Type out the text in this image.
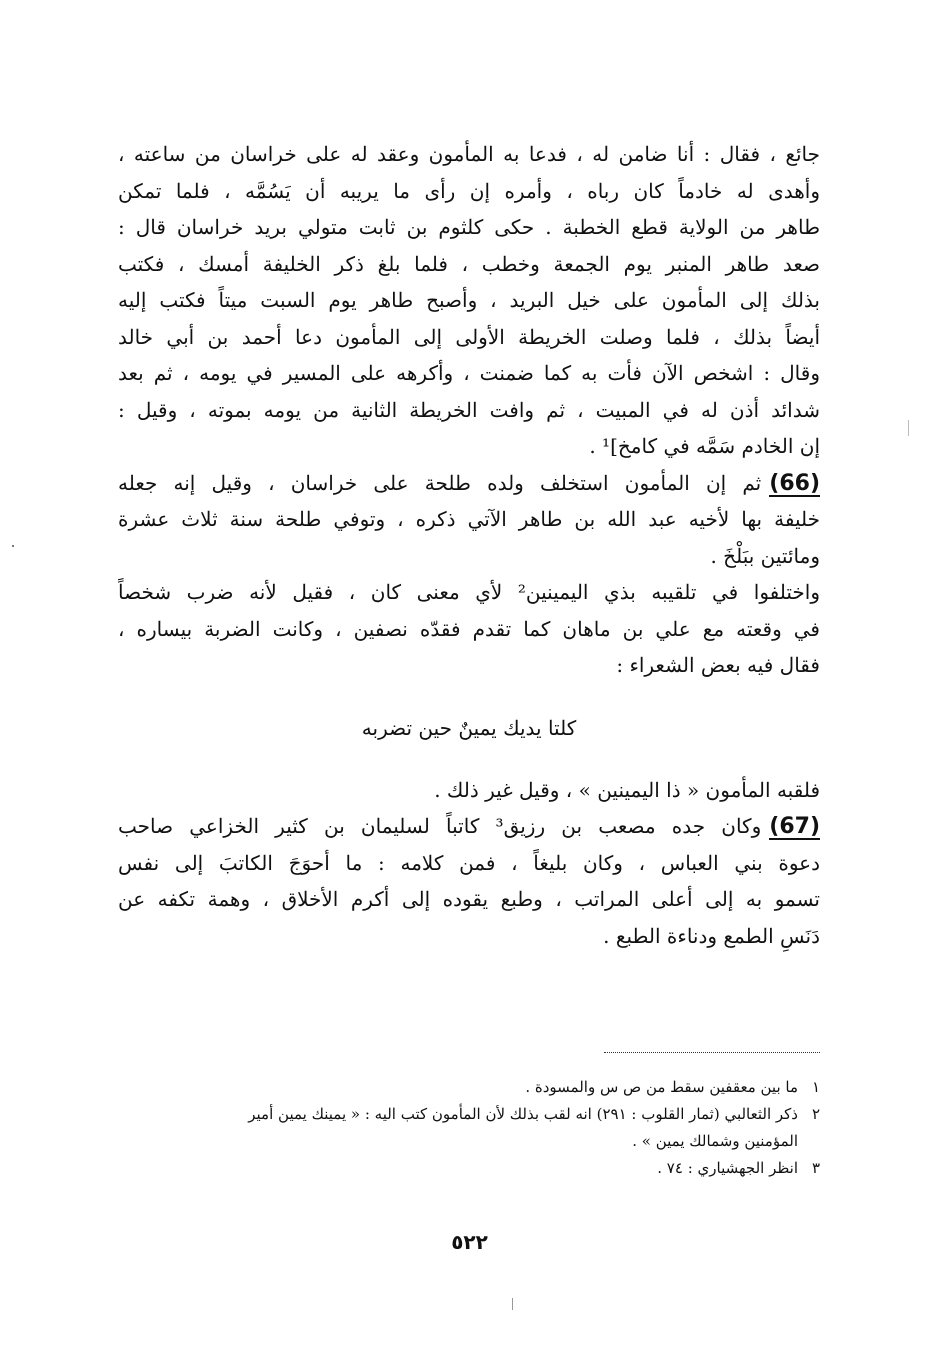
جائع ، فقال : أنا ضامن له ، فدعا به المأمون وعقد له على خراسان من ساعته ،
وأهدى له خادماً كان رباه ، وأمره إن رأى ما يريبه أن يَسُمَّه ، فلما تمكن
طاهر من الولاية قطع الخطبة . حكى كلثوم بن ثابت متولي بريد خراسان قال :
صعد طاهر المنبر يوم الجمعة وخطب ، فلما بلغ ذكر الخليفة أمسك ، فكتب
بذلك إلى المأمون على خيل البريد ، وأصبح طاهر يوم السبت ميتاً فكتب إليه
أيضاً بذلك ، فلما وصلت الخريطة الأولى إلى المأمون دعا أحمد بن أبي خالد
وقال : اشخص الآن فأت به كما ضمنت ، وأكرهه على المسير في يومه ، ثم بعد
شدائد أذن له في المبيت ، ثم وافت الخريطة الثانية من يومه بموته ، وقيل :
إن الخادم سَمَّه في كامخ]¹ .
(66)ثم إن المأمون استخلف ولده طلحة على خراسان ، وقيل إنه جعله
خليفة بها لأخيه عبد الله بن طاهر الآتي ذكره ، وتوفي طلحة سنة ثلاث عشرة
ومائتين ببَلْخَ .
واختلفوا في تلقيبه بذي اليمينين² لأي معنى كان ، فقيل لأنه ضرب شخصاً
في وقعته مع علي بن ماهان كما تقدم فقدّه نصفين ، وكانت الضربة بيساره ،
فقال فيه بعض الشعراء :
كلتا يديك يمينٌ حين تضربه
فلقبه المأمون « ذا اليمينين » ، وقيل غير ذلك .
(67)وكان جده مصعب بن رزيق³ كاتباً لسليمان بن كثير الخزاعي صاحب
دعوة بني العباس ، وكان بليغاً ، فمن كلامه : ما أحوَجَ الكاتبَ إلى نفس
تسمو به إلى أعلى المراتب ، وطبع يقوده إلى أكرم الأخلاق ، وهمة تكفه عن
دَنَسِ الطمع ودناءة الطبع .
١ما بين معقفين سقط من ص س والمسودة .
٢ذكر الثعالبي (ثمار القلوب : ٢٩١) انه لقب بذلك لأن المأمون كتب اليه : « يمينك يمين أمير
المؤمنين وشمالك يمين » .
٣انظر الجهشياري : ٧٤ .
٥٢٢
